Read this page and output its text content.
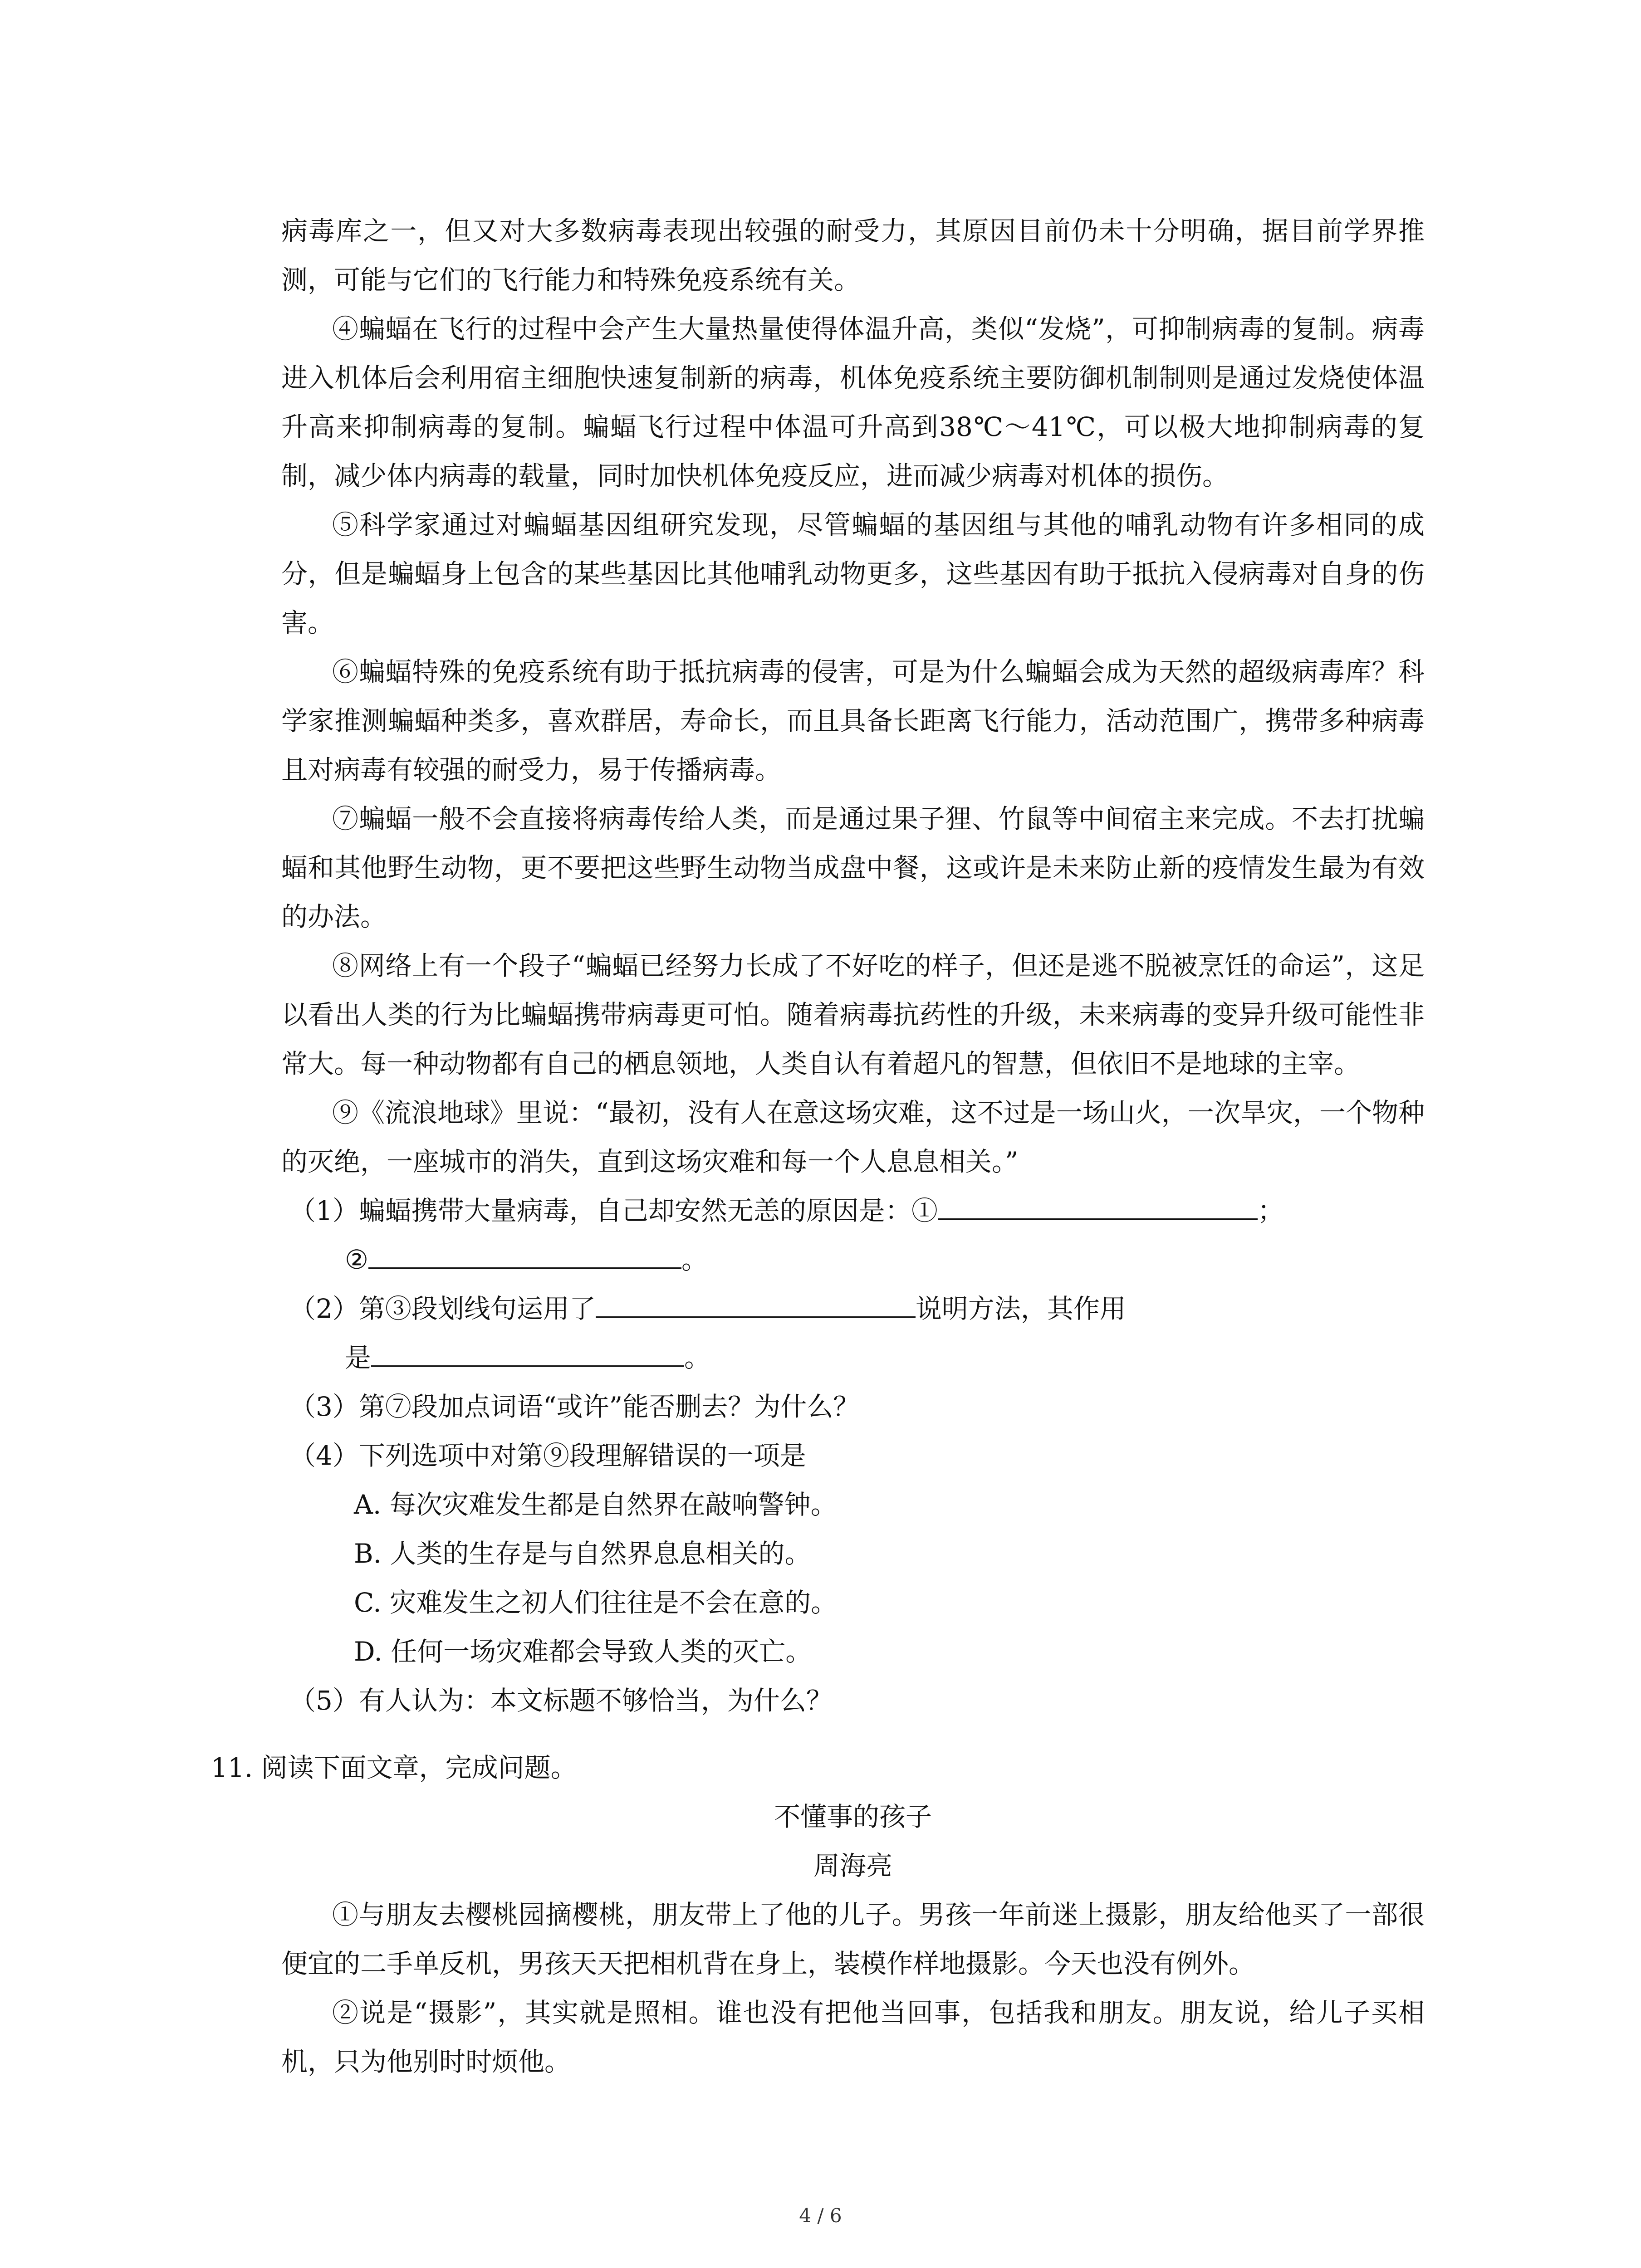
病毒库之一，但又对大多数病毒表现出较强的耐受力，其原因目前仍未十分明确，据目前学界推测，可能与它们的飞行能力和特殊免疫系统有关。

④蝙蝠在飞行的过程中会产生大量热量使得体温升高，类似“发烧”，可抑制病毒的复制。病毒进入机体后会利用宿主细胞快速复制新的病毒，机体免疫系统主要防御机制制则是通过发烧使体温升高来抑制病毒的复制。蝙蝠飞行过程中体温可升高到38℃～41℃，可以极大地抑制病毒的复制，减少体内病毒的载量，同时加快机体免疫反应，进而减少病毒对机体的损伤。

⑤科学家通过对蝙蝠基因组研究发现，尽管蝙蝠的基因组与其他的哺乳动物有许多相同的成分，但是蝙蝠身上包含的某些基因比其他哺乳动物更多，这些基因有助于抵抗入侵病毒对自身的伤害。

⑥蝙蝠特殊的免疫系统有助于抵抗病毒的侵害，可是为什么蝙蝠会成为天然的超级病毒库？科学家推测蝙蝠种类多，喜欢群居，寿命长，而且具备长距离飞行能力，活动范围广，携带多种病毒且对病毒有较强的耐受力，易于传播病毒。

⑦蝙蝠一般不会直接将病毒传给人类，而是通过果子狸、竹鼠等中间宿主来完成。不去打扰蝙蝠和其他野生动物，更不要把这些野生动物当成盘中餐，这或许是未来防止新的疫情发生最为有效的办法。

⑧网络上有一个段子“蝙蝠已经努力长成了不好吃的样子，但还是逃不脱被烹饪的命运”，这足以看出人类的行为比蝙蝠携带病毒更可怕。随着病毒抗药性的升级，未来病毒的变异升级可能性非常大。每一种动物都有自己的栖息领地，人类自认有着超凡的智慧，但依旧不是地球的主宰。

⑨《流浪地球》里说：“最初，没有人在意这场灾难，这不过是一场山火，一次旱灾，一个物种的灭绝，一座城市的消失，直到这场灾难和每一个人息息相关。”

（1）蝙蝠携带大量病毒，自己却安然无恙的原因是：①	；

②	。

（2）第③段划线句运用了	说明方法，其作用

是	。

（3）第⑦段加点词语“或许”能否删去？为什么？

（4）下列选项中对第⑨段理解错误的一项是

A. 每次灾难发生都是自然界在敲响警钟。

B. 人类的生存是与自然界息息相关的。

C. 灾难发生之初人们往往是不会在意的。

D. 任何一场灾难都会导致人类的灭亡。

（5）有人认为：本文标题不够恰当，为什么？

11. 阅读下面文章，完成问题。

不懂事的孩子

周海亮

①与朋友去樱桃园摘樱桃，朋友带上了他的儿子。男孩一年前迷上摄影，朋友给他买了一部很便宜的二手单反机，男孩天天把相机背在身上，装模作样地摄影。今天也没有例外。

②说是“摄影”，其实就是照相。谁也没有把他当回事，包括我和朋友。朋友说，给儿子买相机，只为他别时时烦他。

4 / 6
